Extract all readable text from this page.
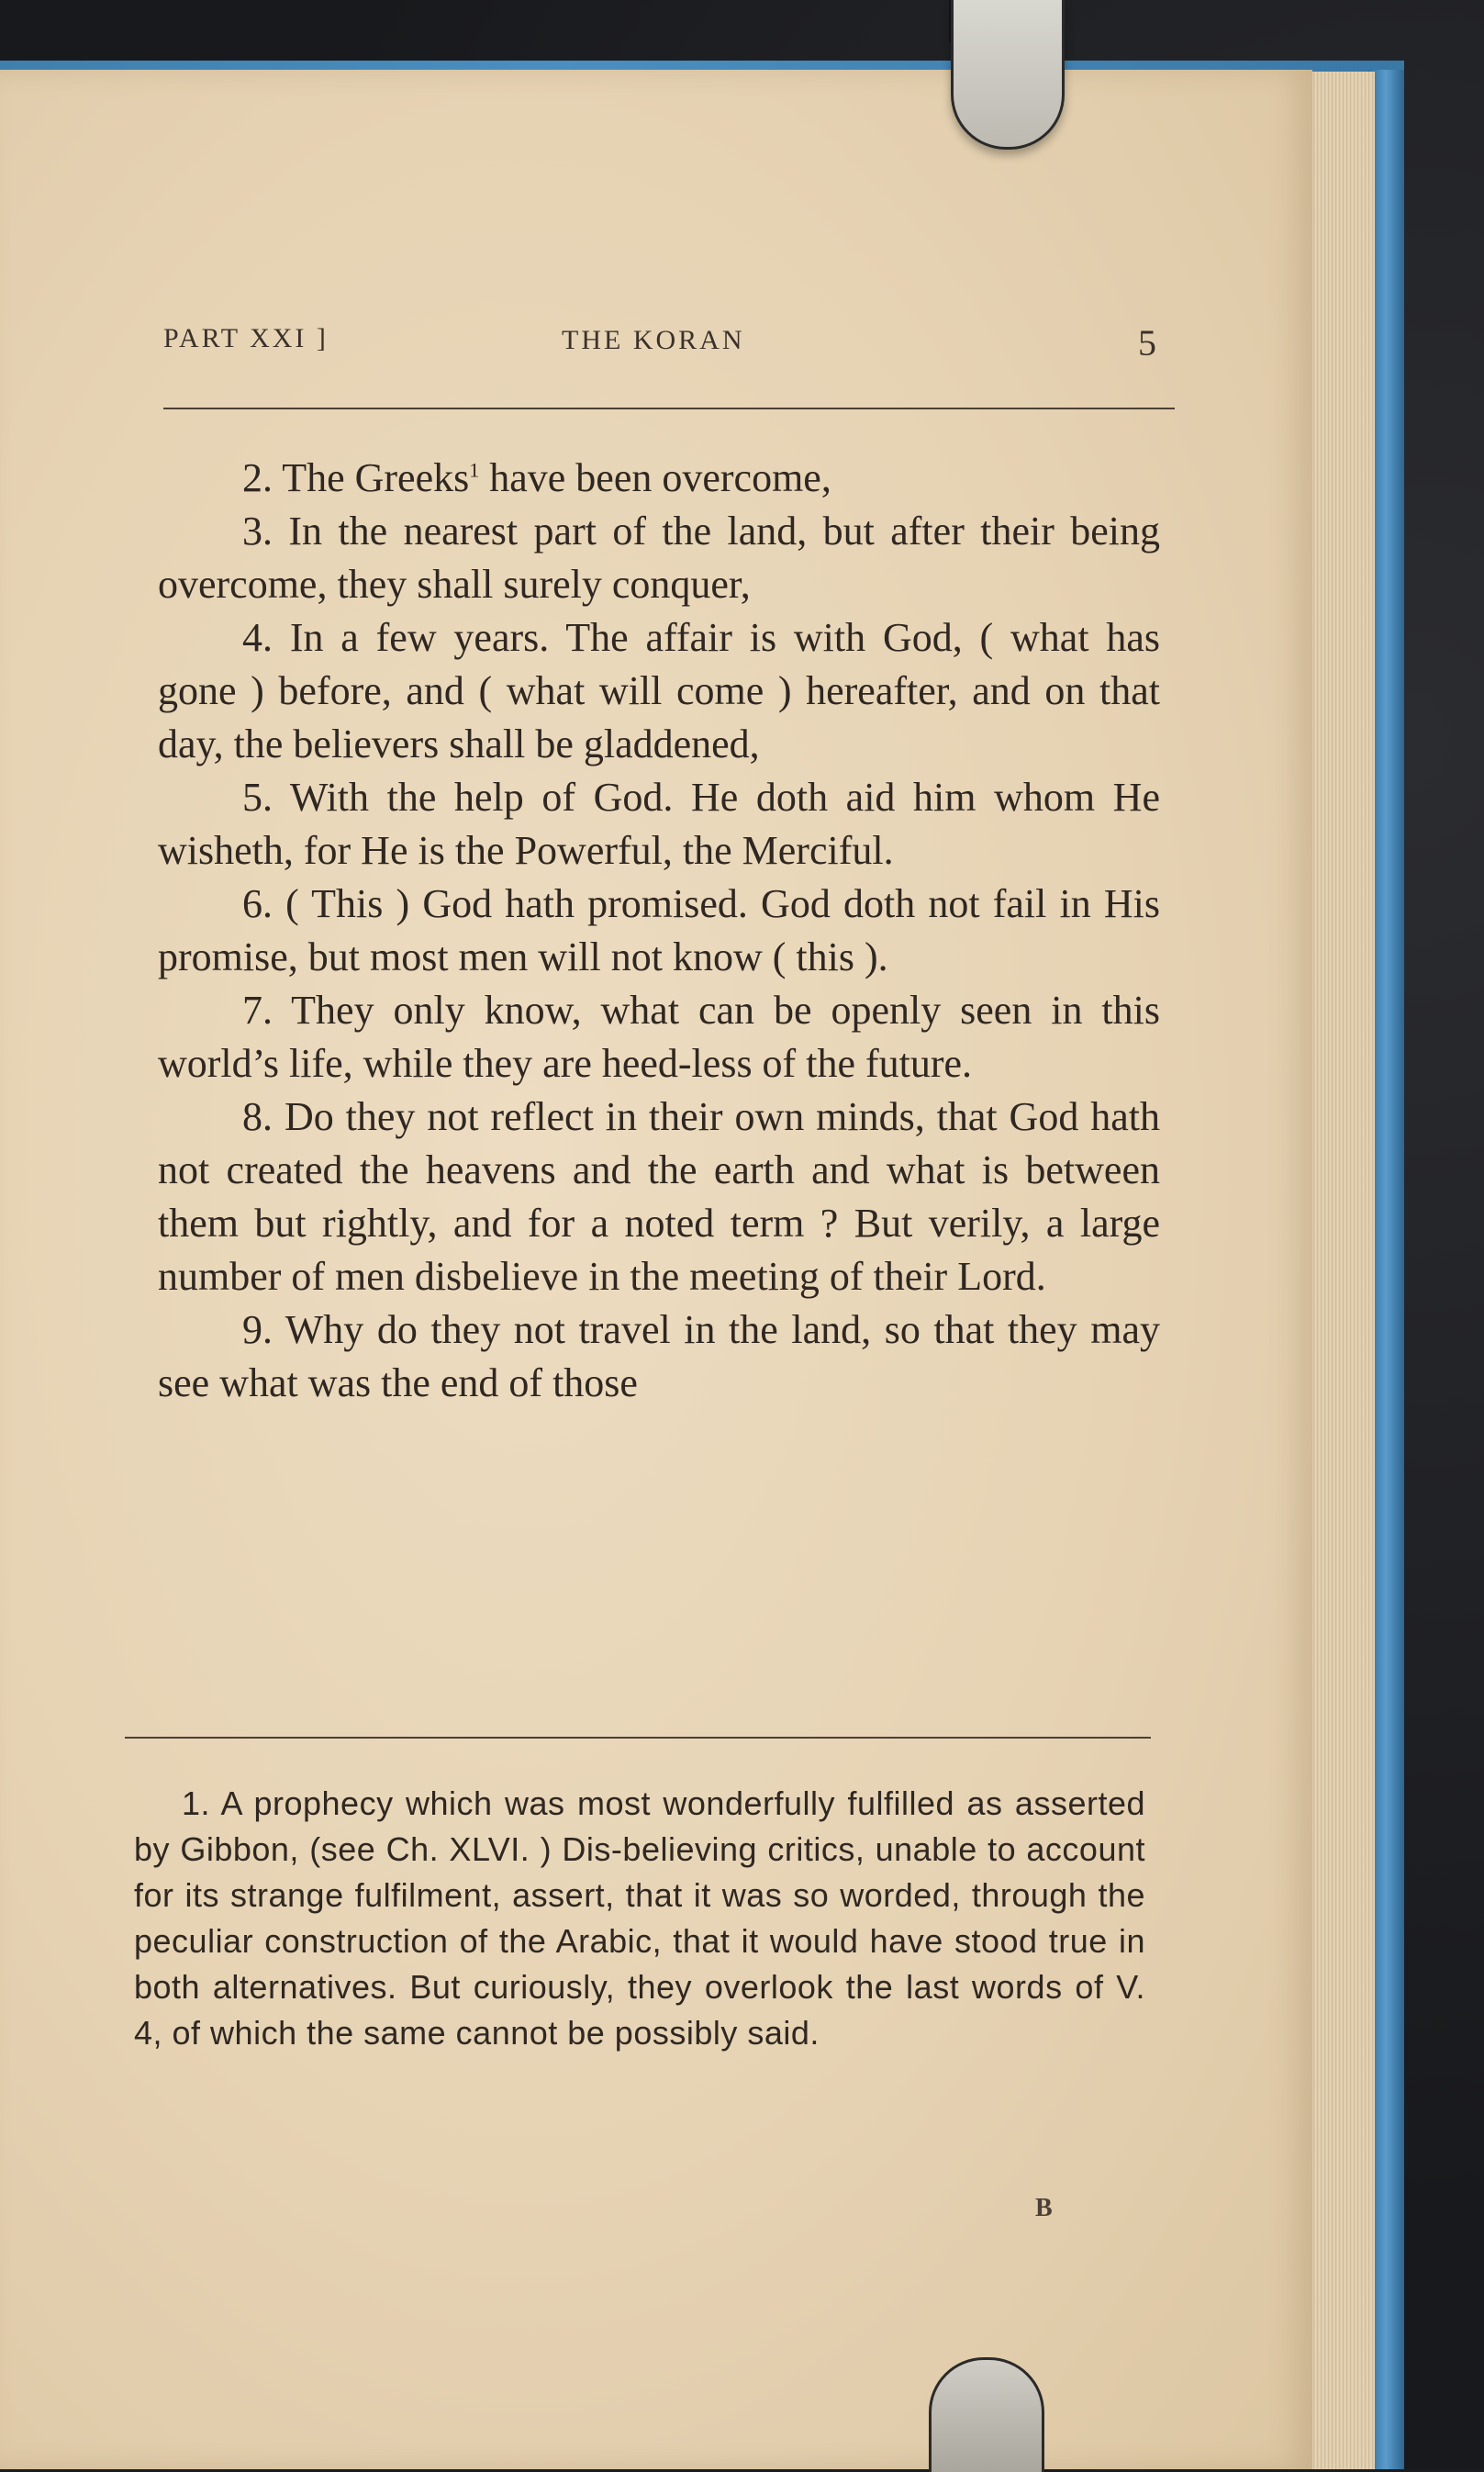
PART XXI ]	THE KORAN	5

2. The Greeks$^1$ have been overcome,

3. In the nearest part of the land, but after their being overcome, they shall surely conquer,

4. In a few years. The affair is with God, ( what has gone ) before, and ( what will come ) hereafter, and on that day, the believers shall be gladdened,

5. With the help of God. He doth aid him whom He wisheth, for He is the Powerful, the Merciful.

6. ( This ) God hath promised. God doth not fail in His promise, but most men will not know ( this ).

7. They only know, what can be openly seen in this world’s life, while they are heed-less of the future.

8. Do they not reflect in their own minds, that God hath not created the heavens and the earth and what is between them but rightly, and for a noted term ? But verily, a large number of men disbelieve in the meeting of their Lord.

9. Why do they not travel in the land, so that they may see what was the end of those

1. A prophecy which was most wonderfully fulfilled as asserted by Gibbon, (see Ch. XLVI. ) Dis-believing critics, unable to account for its strange fulfilment, assert, that it was so worded, through the peculiar construction of the Arabic, that it would have stood true in both alternatives. But curiously, they overlook the last words of V. 4, of which the same cannot be possibly said.

B
